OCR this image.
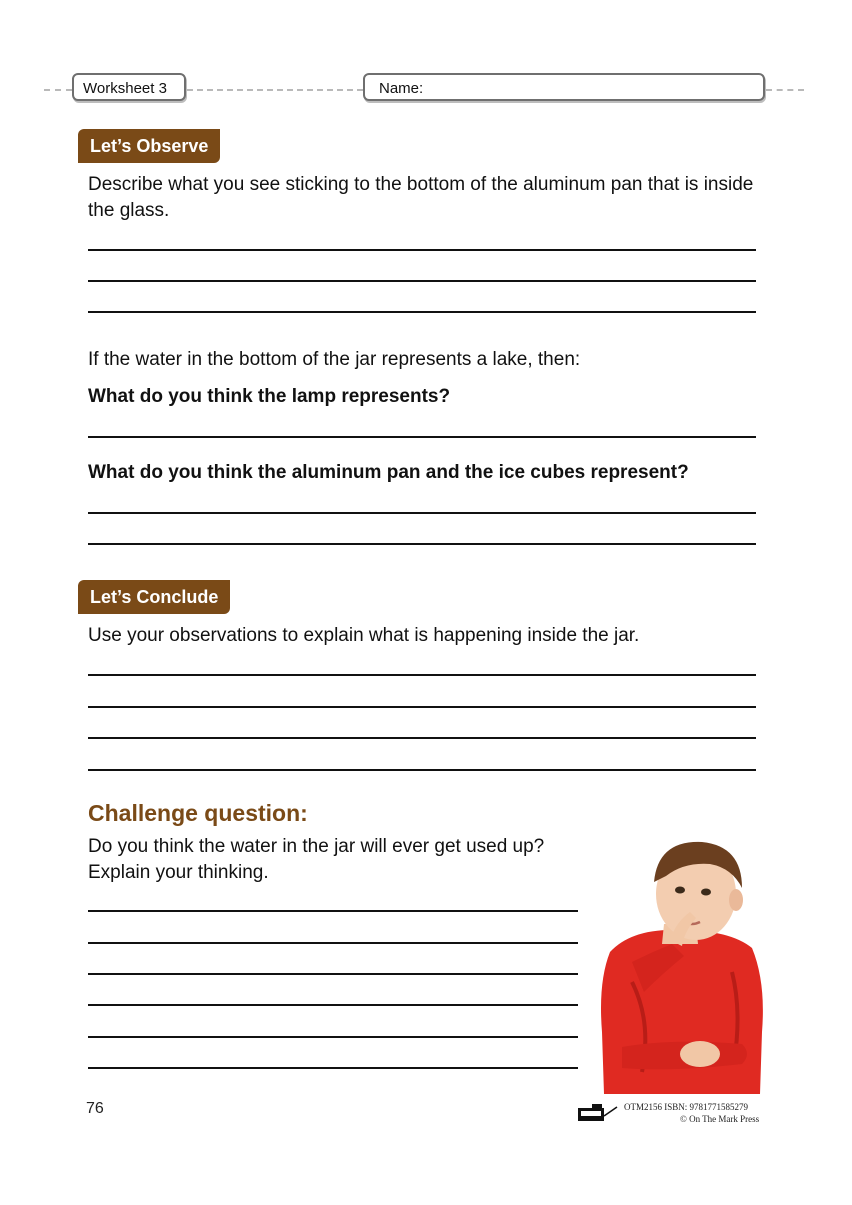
Worksheet 3	Name:
Let’s Observe
Describe what you see sticking to the bottom of the aluminum pan that is inside the glass.
If the water in the bottom of the jar represents a lake, then:
What do you think the lamp represents?
What do you think the aluminum pan and the ice cubes represent?
Let’s Conclude
Use your observations to explain what is happening inside the jar.
Challenge question:
Do you think the water in the jar will ever get used up? Explain your thinking.
76	OTM2156 ISBN: 9781771585279
© On The Mark Press
